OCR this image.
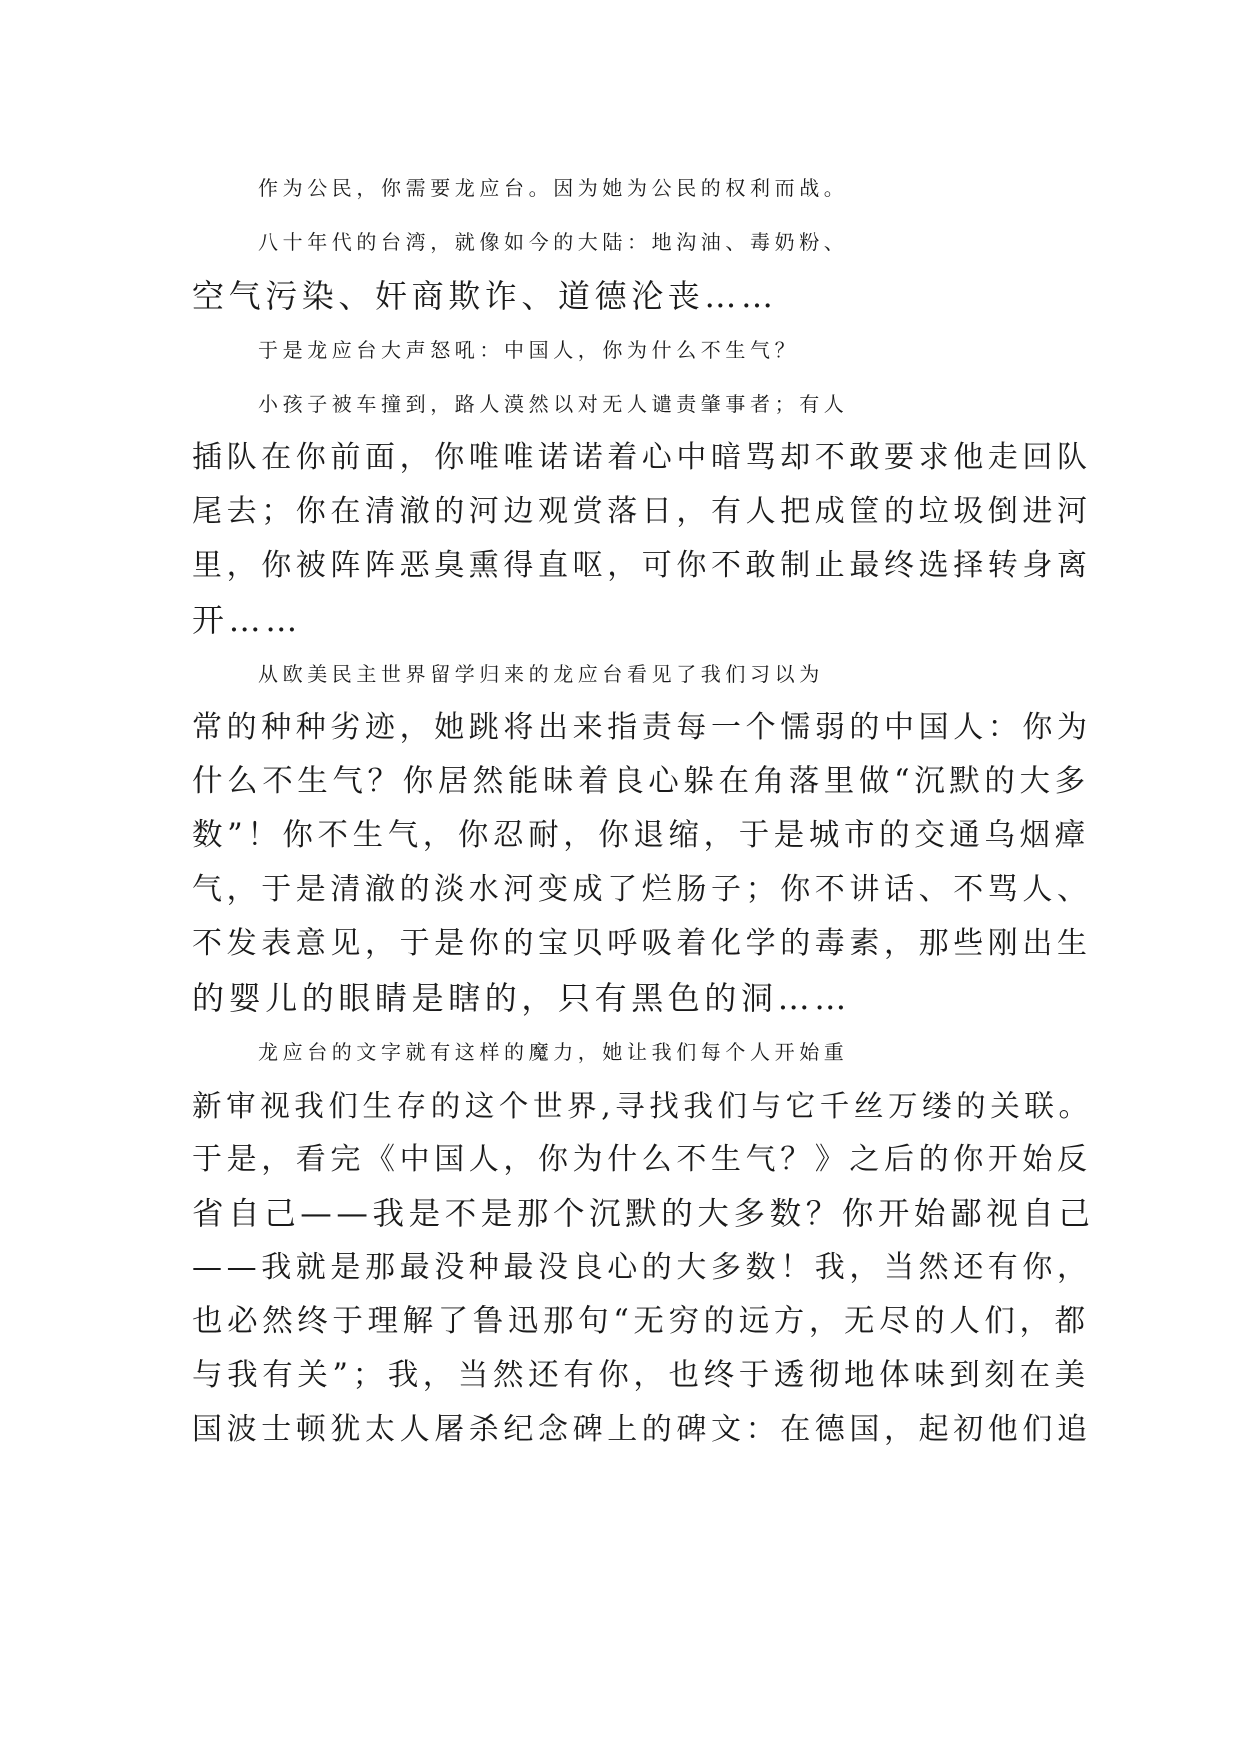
作为公民，你需要龙应台。因为她为公民的权利而战。
八十年代的台湾，就像如今的大陆：地沟油、毒奶粉、
空气污染、奸商欺诈、道德沦丧……
于是龙应台大声怒吼：中国人，你为什么不生气？
小孩子被车撞到，路人漠然以对无人谴责肇事者；有人
插队在你前面，你唯唯诺诺着心中暗骂却不敢要求他走回队
尾去；你在清澈的河边观赏落日，有人把成筐的垃圾倒进河
里，你被阵阵恶臭熏得直呕，可你不敢制止最终选择转身离
开……
从欧美民主世界留学归来的龙应台看见了我们习以为
常的种种劣迹，她跳将出来指责每一个懦弱的中国人：你为
什么不生气？你居然能昧着良心躲在角落里做“沉默的大多
数”！你不生气，你忍耐，你退缩，于是城市的交通乌烟瘴
气，于是清澈的淡水河变成了烂肠子；你不讲话、不骂人、
不发表意见，于是你的宝贝呼吸着化学的毒素，那些刚出生
的婴儿的眼睛是瞎的，只有黑色的洞……
龙应台的文字就有这样的魔力，她让我们每个人开始重
新审视我们生存的这个世界,寻找我们与它千丝万缕的关联。
于是，看完《中国人，你为什么不生气？》之后的你开始反
省自己——我是不是那个沉默的大多数？你开始鄙视自己
——我就是那最没种最没良心的大多数！我，当然还有你，
也必然终于理解了鲁迅那句“无穷的远方，无尽的人们，都
与我有关”；我，当然还有你，也终于透彻地体味到刻在美
国波士顿犹太人屠杀纪念碑上的碑文：在德国，起初他们追
